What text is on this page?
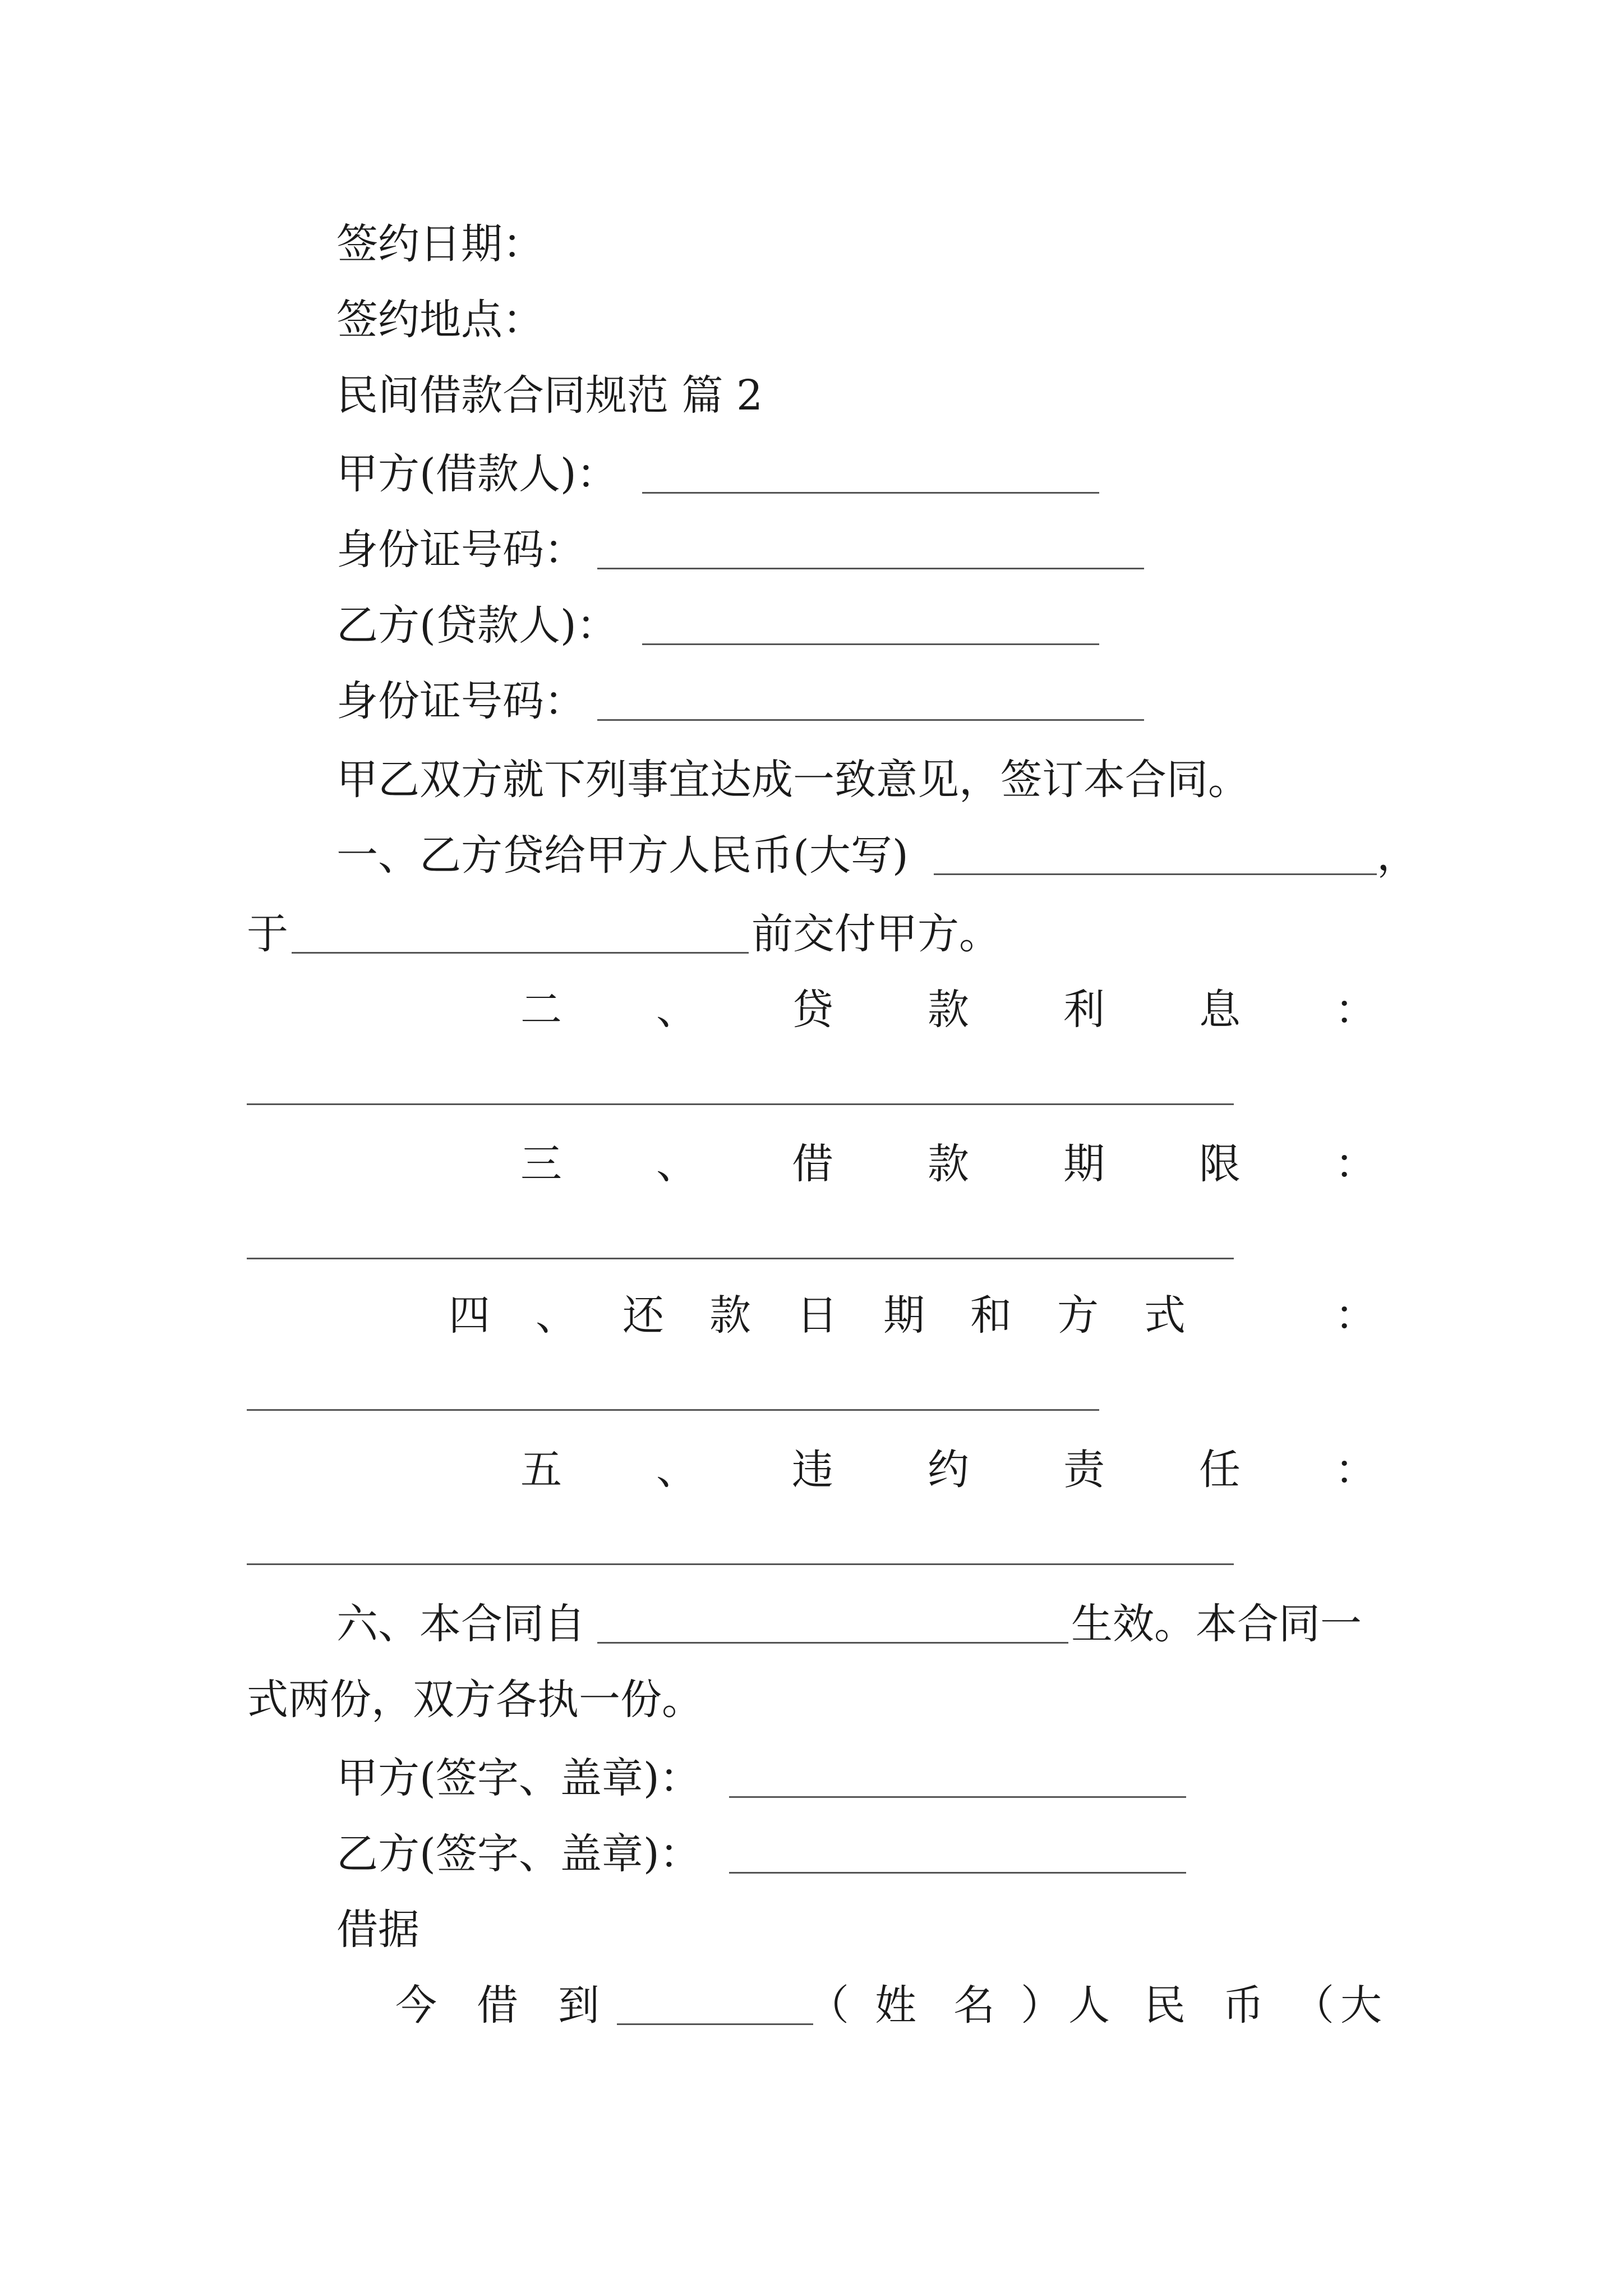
签约日期：
签约地点：
民间借款合同规范 篇 2
甲方(借款人)：
身份证号码：
乙方(贷款人)：
身份证号码：
甲乙双方就下列事宜达成一致意见，签订本合同。
一、乙方贷给甲方人民币(大写)	，
于	前交付甲方。
二 、 贷 款 利 息 ：
三 、 借 款 期 限 ：
四 、 还 款 日 期 和 方 式	：
五 、 违 约 责 任 ：
六、本合同自	生效。本合同一
式两份，双方各执一份。
甲方(签字、盖章)：
乙方(签字、盖章)：
借据
今 借 到	（ 姓 名 ） 人 民 币 （ 大
